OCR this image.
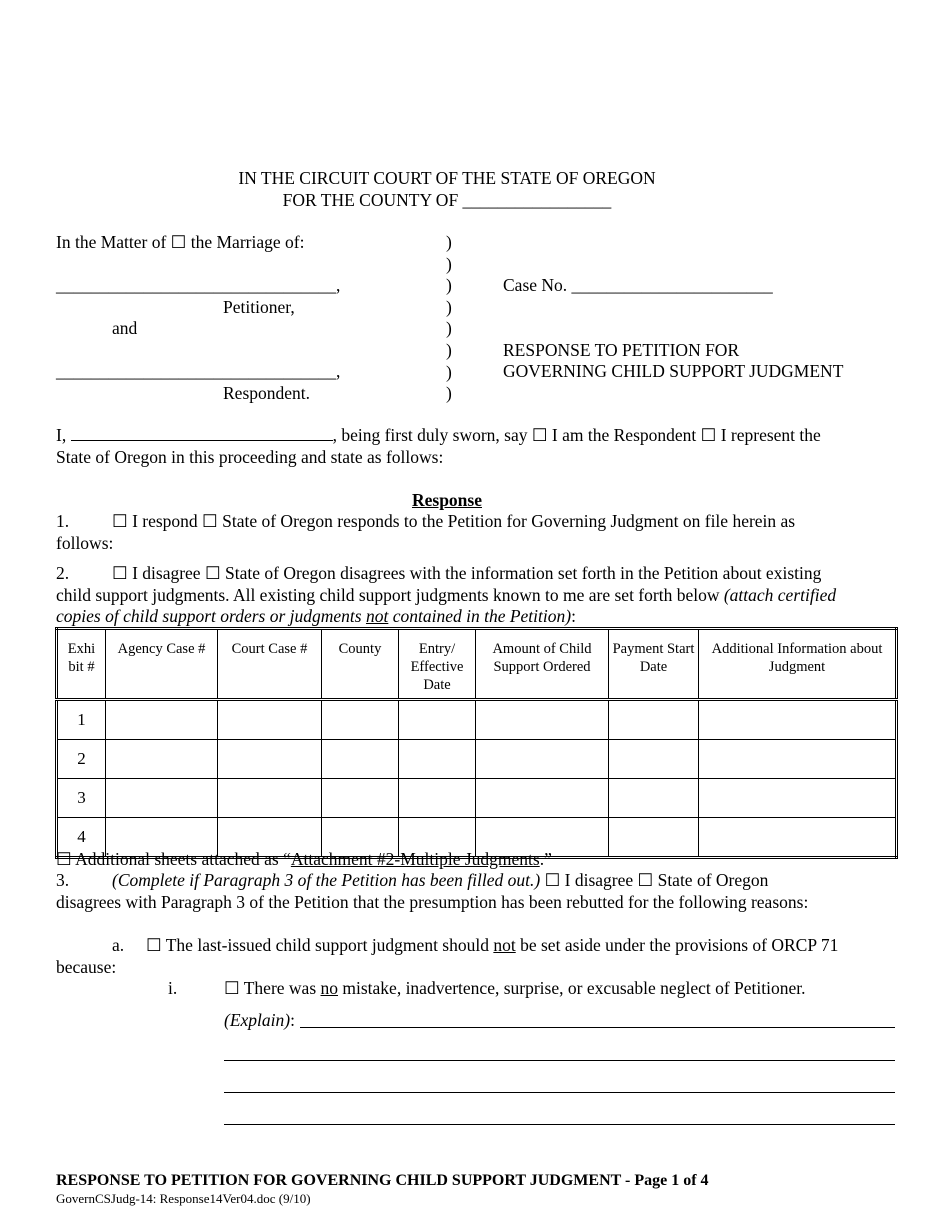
IN THE CIRCUIT COURT OF THE STATE OF OREGON
FOR THE COUNTY OF _________________
In the Matter of ☐ the Marriage of:
________________________________,
Petitioner,
and
________________________________,
Respondent.
)
)
)
)
)
)
)
)
Case No. _______________________
RESPONSE TO PETITION FOR
GOVERNING CHILD SUPPORT JUDGMENT
I,	, being first duly sworn, say ☐ I am the Respondent ☐ I represent the
State of Oregon in this proceeding and state as follows:
Response
1. ☐ I respond ☐ State of Oregon responds to the Petition for Governing Judgment on file herein as
follows:
2. ☐ I disagree ☐ State of Oregon disagrees with the information set forth in the Petition about existing
child support judgments. All existing child support judgments known to me are set forth below (attach certified
copies of child support orders or judgments not contained in the Petition):
Exhi bit #	Agency Case #	Court Case #	County	Entry/ Effective Date	Amount of Child Support Ordered	Payment Start Date	Additional Information about Judgment
1							
2							
3							
4							
☐ Additional sheets attached as “Attachment #2-Multiple Judgments.”
3. (Complete if Paragraph 3 of the Petition has been filled out.) ☐ I disagree ☐ State of Oregon
disagrees with Paragraph 3 of the Petition that the presumption has been rebutted for the following reasons:
a. ☐ The last-issued child support judgment should not be set aside under the provisions of ORCP 71
because:
i.	☐ There was no mistake, inadvertence, surprise, or excusable neglect of Petitioner.
(Explain):
RESPONSE TO PETITION FOR GOVERNING CHILD SUPPORT JUDGMENT - Page 1 of 4
GovernCSJudg-14: Response14Ver04.doc (9/10)
